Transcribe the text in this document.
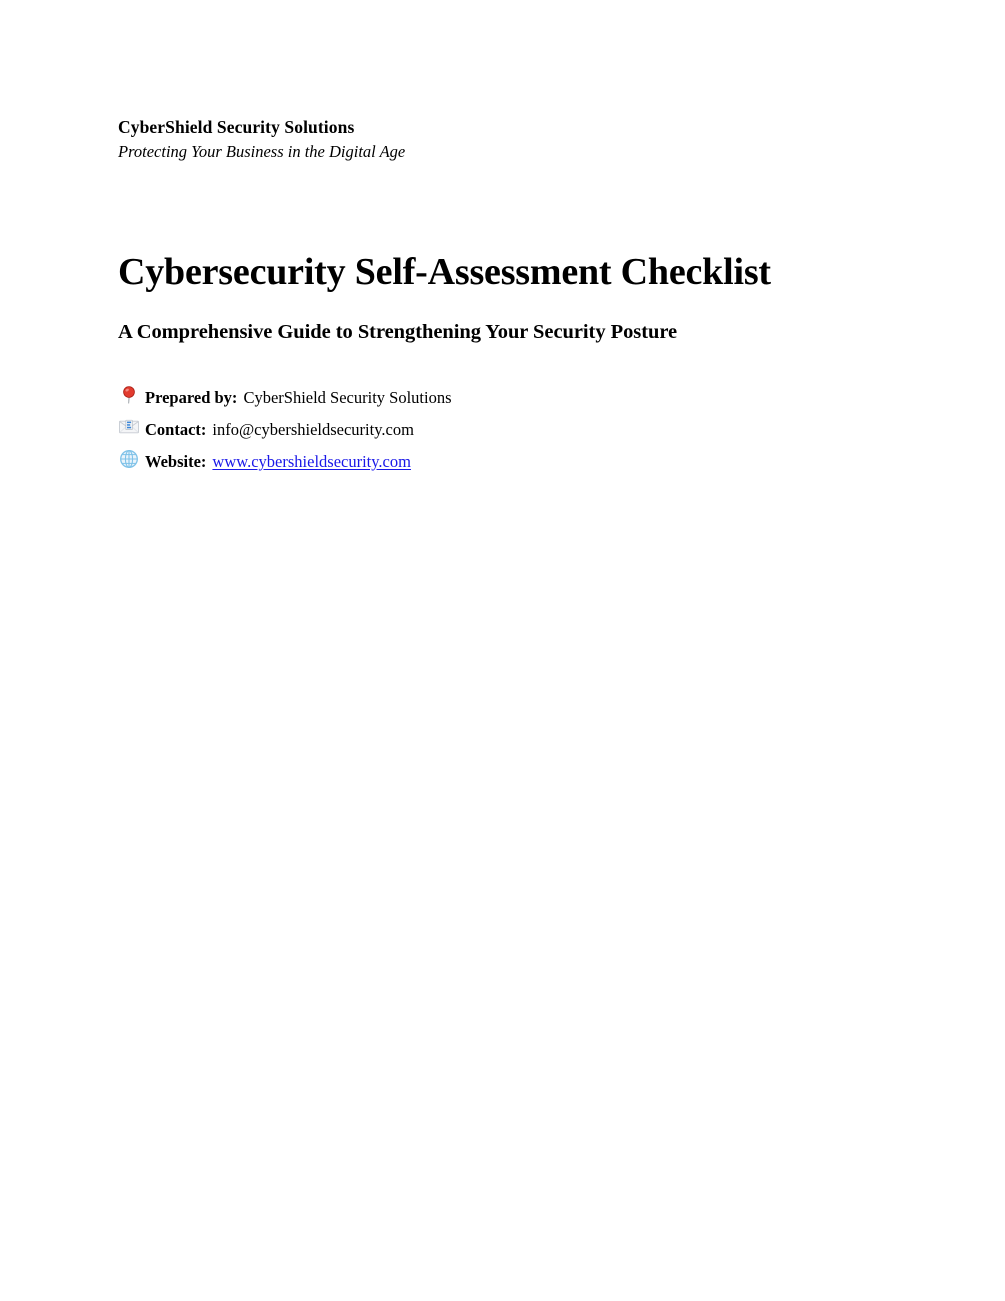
CyberShield Security Solutions
Protecting Your Business in the Digital Age
Cybersecurity Self-Assessment Checklist
A Comprehensive Guide to Strengthening Your Security Posture
Prepared by: CyberShield Security Solutions
Contact: info@cybershieldsecurity.com
Website: www.cybershieldsecurity.com
